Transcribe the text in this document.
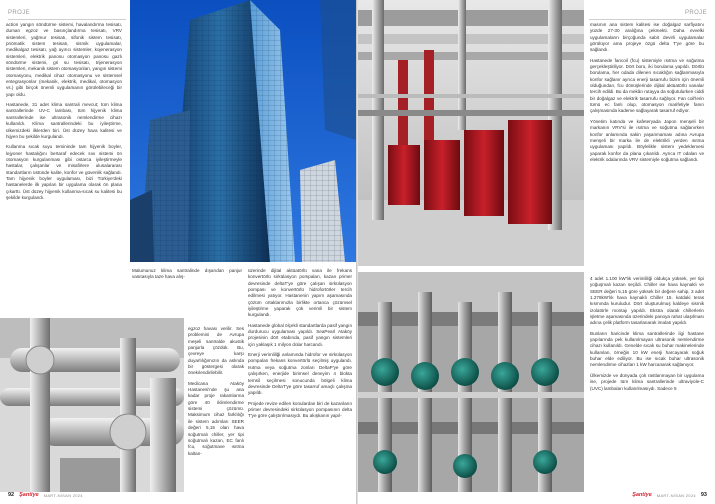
PROJE

action yangın söndürme sistemi, havalandırma tesisatı, duman egzoz ve basınçlandırma tesisatı, VRV sistemleri, yağmur tesisatı, sifonik sistem tesisatı, pnömatik sistem tesisatı, sismik uygulamalar, medikalgaz tesisatı, yağ ayırıcı sistemler, kojenerasyon sistemleri, elektrik panosu otomasyon panosu gazlı söndürme sistemi, gri su tesisatı, trijenerasyon sistemleri, mekanik sistem otomasyonları, yangın sistemi otomasyonu, medikal cihaz otomasyonu ve sistemsel entegrasyonlar (mekanik, elektrik, medikal, otomasyon vs.) gibi birçok önemli uygulamanın görülebileceği bir yapı oldu.

Hastanede, 31 adet klima santrali mevcut; tüm klima santrallerinde UV-C lambası, tüm hijyenik klima santrallerinde ise ultrasonik nemlendirme cihazı kullanıldı. Klima santrallerindeki bu iyileştirme, ülkemizdeki ilklerden biri. Üst düzey hava kalitesi ve hijyen bu şekilde kurgulandı.

Kullanma sıcak suyu temininde tam hijyenik boyler, lejyoner hastalığını bertaraf edecek sıvı sistemi ön otomasyon kurgulanması gibi ostarca iyileştirmeyle hastalar, çalışanlar ve misafirlere ulusalararası standartların üstünde kalite, konfor ve güvenlik sağlandı. Tam hijyenik boyler uygulaması, bizi Türkiye'deki hastanelerde ilk yapılan bir uygulama olarak ön plana çıkarttı. Üst düzey hijyenik kullanma-sıcak su kalitesi bu şekilde kurgulandı.

Malumunuz klima santralinde dışarıdan panjur vasıtasıyla taze hava alış-

egzoz havası verilir. Ses problemini de Avrupa meşeli santralde akustik panjurla çözdük. Bu, çevreye karşı duyarlılığımızın da aslında bir göstergesi olarak önekılendirilebilir.

Medicana Ataköy Hastanesi'nde şu ana kadar proje rakamlarına göre 40 iklimlendirme sistemi çözümü. Maksimum cihaz farklılığı ile sistem adımları SEER değeri 5,15 olan hava soğutmalı chiller, yer tipi soğutmalı kazan, EC fanlı fcu, soğutmave ısıtma kaltan-

üzerinde dijital aktüatörlü vana ile frekans konvertörlü sirkülasyon pompaları, kazan primer devresinde deltaT'ye göre çalışan sirkülasyon pompası ve konvertörlü hidrofortörler tercih edilmesi yatıyor. Hastanenin yapım aşamasında çözüm ortaklarımızla birlikte ortanca çözümsel iyileştirme yaparak çok verimli bir sistem kurgulandı.

Hastanede global ölçekli standartlarda pasif yangın durdurucu uygulaması yapıldı. SeaPearl Ataköy projesinin dört etabında, pasif yangın sistemleri için yaklaşık 1 milyon dolar harcandı.

Enerji verimliliği anlamında hidrofor ve sirkülasyon pompaları frekans konvertörlü seçilmiş uygulandı. Isıtma veya soğutma zonları DeltaP'ye göre çalışırken, enerjide birimsel deneyim 4 blokta temsil seçilmesi sonucunda bölgeli klima devresinde DeltaT'ye göre tasarruf amaçlı çalışma yapıldı.

Projede revize edilen konulardan biri de kazanların primer devresindeki sirkülasyon pompasının delta T'ye göre çalıştırılmasıydı. Bu akışkanın yapıl-

92 Şantiye MART-NİSAN 2024
PROJE

masının ana sistem kalitesi ise doğalgaz sarfiyatını yüzde 27-30 aralığına çekmekti. Daha evvelki uygulamaların birçoğunda sabit devirli uygulamalar görülüyor ama projeye özgü delta T'ye göre bu sağlandı.

Hastanede fancoil (fcu) sistemiyle ısıtma ve soğutma gerçekleştiriliyor. Dört boru, iki borulama yapıldı. Dörtlü borulama, her odada dilenen sıcaklığın sağlanmasıyla konfor sağlanır ayrıca enerji tasarrufu bizim için önemli olduğundan, fcu dönüşlerinde dijital aktüatörlü vanalar tercih edildi. Bu da mekân rutayya da soğutulurken ciddi bir doğalgaz ve elektrik tasarrufu sağlıyor. Fan coil'lerin tümü ec fanlı olup, otomasyon marifetiyle fanın çalışmasında kademe sağlayarak tasarruf ediyor.

Yönetim katında ve kafeteryada Japon menşeli bir markanın VRV'si ile ısıtma ve soğutma sağlanırken konfor anlamında sakin yaşanmaması adına Avrupa menşeli bir marka ile de elektrikli yerden ısıtma uygulaması yapıldı. Böylelikle sistem yedeklemesi yaparak konfor da plana çıkarıldı. Ayrıca IT odaları ve elektrik odalarında VRV sistemiyle soğutma sağlandı.

4 adet 1.100 kW'lık verimliliği oldukça yüksek, yer tipi yoğuşmalı kazan seçildi. Chiller ise hava kaynaklı ve SEER değeri 5,15 göre yüksek bir değere sahip, 3 adet 1.278kW'lık hava kaynaklı Chiller 15. katdaki teras kısmında kuruludur. Dört oluşturulmuş kaldeye sismik izolatörle montajı yapıldı. Ekstra olarak chillerlerin işletme aşamasında üzerindeki panoya rahat ulaşılması adına çelik platform tasarlanarak imalatı yapıldı.

Bunların haricinde klima santrallerinde ilgi hastane yapılarında pek kullanılmayan ultrasonik nemlendirme cihazı kullanıldı. Genelde sıcak su buhar makinelerinde kullanılan, örneğin 10 kW enerji harcayarak soğuk buhar elde ediliyor. Bu ise sıcak buhar ultrasonik nemlendirme cihazları 1 kW harcanarak sağlanıyor.

Ülkemizde ve dünyada çok rastlanmayan bir uygulama ise, projede tüm klima santrallerinde ultraviyole-C (UVC) lambaları kullanılmasıydı. Sadece 5

Şantiye MART-NİSAN 2024 93
